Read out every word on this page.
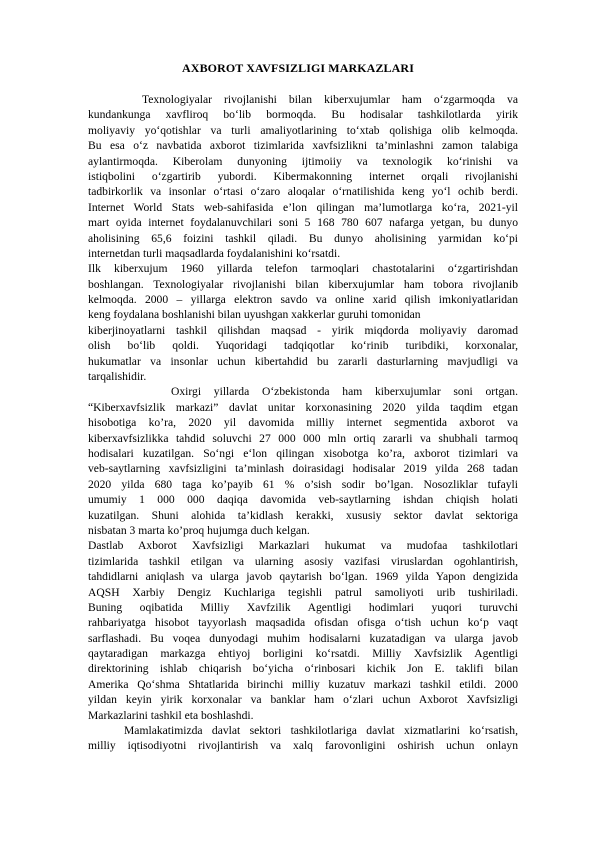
AXBOROT XAVFSIZLIGI MARKAZLARI
Texnologiyalar rivojlanishi bilan kiberxujumlar ham o‘zgarmoqda va
kundankunga xavfliroq bo‘lib bormoqda. Bu hodisalar tashkilotlarda yirik
moliyaviy yo‘qotishlar va turli amaliyotlarining to‘xtab qolishiga olib kelmoqda.
Bu esa o‘z navbatida axborot tizimlarida xavfsizlikni ta’minlashni zamon talabiga
aylantirmoqda. Kiberolam dunyoning ijtimoiiy va texnologik ko‘rinishi va
istiqbolini o‘zgartirib yubordi. Kibermakonning internet orqali rivojlanishi
tadbirkorlik va insonlar o‘rtasi o‘zaro aloqalar o‘rnatilishida keng yo‘l ochib berdi.
Internet World Stats web-sahifasida e’lon qilingan ma’lumotlarga ko‘ra, 2021-yil
mart oyida internet foydalanuvchilari soni 5 168 780 607 nafarga yetgan, bu dunyo
aholisining 65,6 foizini tashkil qiladi. Bu dunyo aholisining yarmidan ko‘pi
internetdan turli maqsadlarda foydalanishini ko‘rsatdi.
Ilk kiberxujum 1960 yillarda telefon tarmoqlari chastotalarini o‘zgartirishdan
boshlangan. Texnologiyalar rivojlanishi bilan kiberxujumlar ham tobora rivojlanib
kelmoqda. 2000 – yillarga elektron savdo va online xarid qilish imkoniyatlaridan
keng foydalana boshlanishi bilan uyushgan xakkerlar guruhi tomonidan
kiberjinoyatlarni tashkil qilishdan maqsad - yirik miqdorda moliyaviy daromad
olish bo‘lib qoldi. Yuqoridagi tadqiqotlar ko‘rinib turibdiki, korxonalar,
hukumatlar va insonlar uchun kibertahdid bu zararli dasturlarning mavjudligi va
tarqalishidir.
Oxirgi yillarda O‘zbekistonda ham kiberxujumlar soni ortgan.
“Kiberxavfsizlik markazi” davlat unitar korxonasining 2020 yilda taqdim etgan
hisobotiga ko’ra, 2020 yil davomida milliy internet segmentida axborot va
kiberxavfsizlikka tahdid soluvchi 27 000 000 mln ortiq zararli va shubhali tarmoq
hodisalari kuzatilgan. So‘ngi e‘lon qilingan xisobotga ko’ra, axborot tizimlari va
veb-saytlarning xavfsizligini ta’minlash doirasidagi hodisalar 2019 yilda 268 tadan
2020 yilda 680 taga ko’payib 61 % o’sish sodir bo’lgan. Nosozliklar tufayli
umumiy 1 000 000 daqiqa davomida veb-saytlarning ishdan chiqish holati
kuzatilgan. Shuni alohida ta’kidlash kerakki, xususiy sektor davlat sektoriga
nisbatan 3 marta ko’proq hujumga duch kelgan.
Dastlab Axborot Xavfsizligi Markazlari hukumat va mudofaa tashkilotlari
tizimlarida tashkil etilgan va ularning asosiy vazifasi viruslardan ogohlantirish,
tahdidlarni aniqlash va ularga javob qaytarish bo‘lgan. 1969 yilda Yapon dengizida
AQSH Xarbiy Dengiz Kuchlariga tegishli patrul samoliyoti urib tushiriladi.
Buning oqibatida Milliy Xavfzilik Agentligi hodimlari yuqori turuvchi
rahbariyatga hisobot tayyorlash maqsadida ofisdan ofisga o‘tish uchun ko‘p vaqt
sarflashadi. Bu voqea dunyodagi muhim hodisalarni kuzatadigan va ularga javob
qaytaradigan markazga ehtiyoj borligini ko‘rsatdi. Milliy Xavfsizlik Agentligi
direktorining ishlab chiqarish bo‘yicha o‘rinbosari kichik Jon E. taklifi bilan
Amerika Qo‘shma Shtatlarida birinchi milliy kuzatuv markazi tashkil etildi. 2000
yildan keyin yirik korxonalar va banklar ham o‘zlari uchun Axborot Xavfsizligi
Markazlarini tashkil eta boshlashdi.
Mamlakatimizda davlat sektori tashkilotlariga davlat xizmatlarini ko‘rsatish,
milliy iqtisodiyotni rivojlantirish va xalq farovonligini oshirish uchun onlayn
